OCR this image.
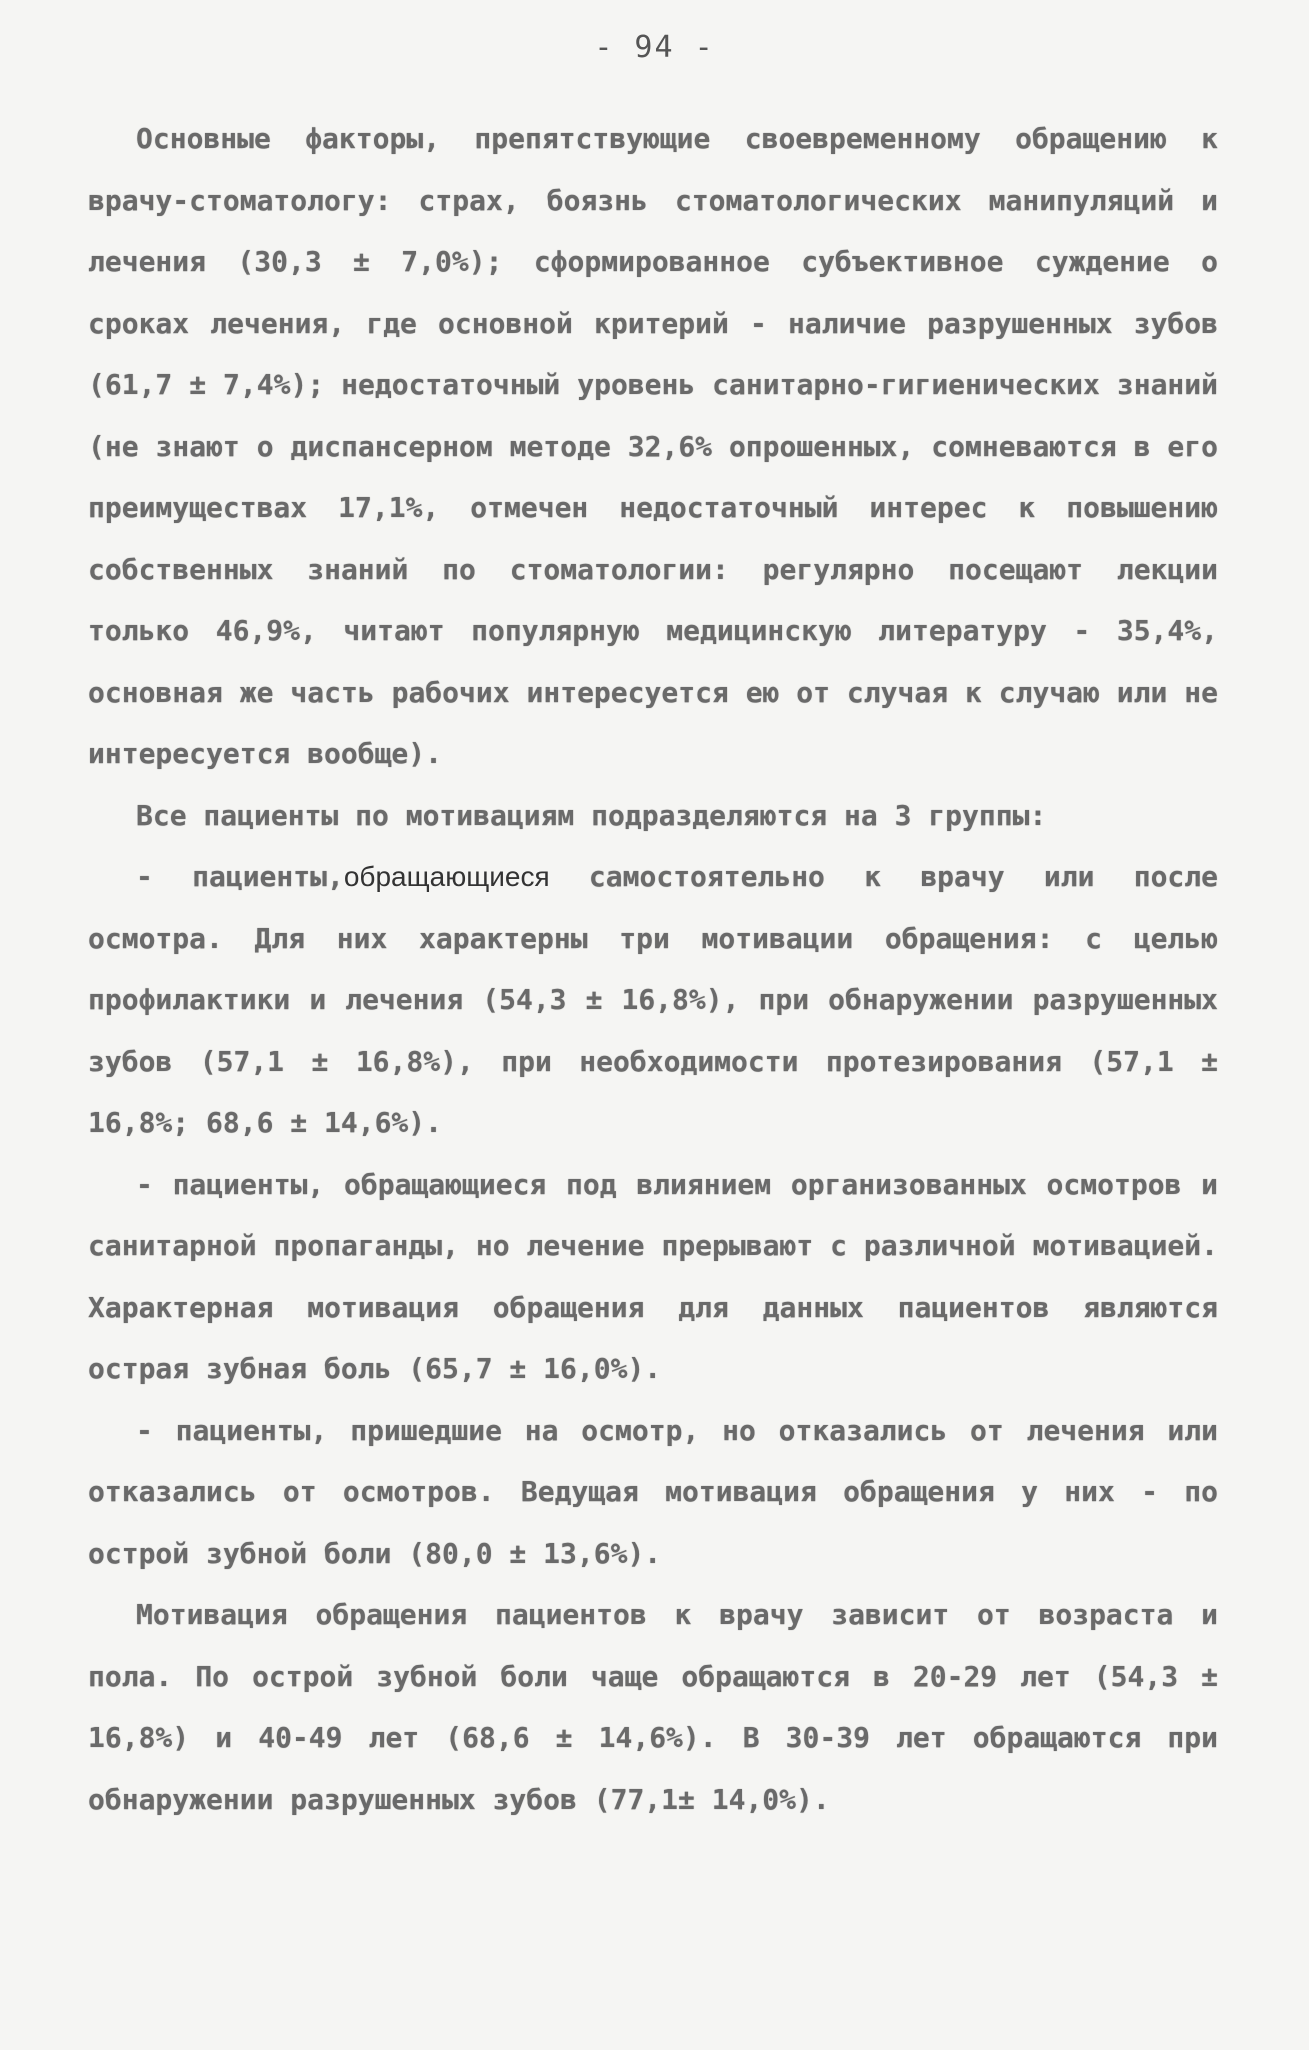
- 94 -

Основные факторы, препятствующие своевременному обращению к врачу-стоматологу: страх, боязнь стоматологических манипуляций и лечения (30,3 ± 7,0%); сформированное субъективное суждение о сроках лечения, где основной критерий - наличие разрушенных зубов (61,7 ± 7,4%); недостаточный уровень санитарно-гигиенических знаний (не знают о диспансерном методе 32,6% опрошенных, сомневаются в его преимуществах 17,1%, отмечен недостаточный интерес к повышению собственных знаний по стоматологии: регулярно посещают лекции только 46,9%, читают популярную медицинскую литературу - 35,4%, основная же часть рабочих интересуется ею от случая к случаю или не интересуется вообще).

Все пациенты по мотивациям подразделяются на 3 группы:

- пациенты,обращающиеся самостоятельно к врачу или после осмотра. Для них характерны три мотивации обращения: с целью профилактики и лечения (54,3 ± 16,8%), при обнаружении разрушенных зубов (57,1 ± 16,8%), при необходимости протезирования (57,1 ± 16,8%; 68,6 ± 14,6%).

- пациенты, обращающиеся под влиянием организованных осмотров и санитарной пропаганды, но лечение прерывают с различной мотивацией. Характерная мотивация обращения для данных пациентов являются острая зубная боль (65,7 ± 16,0%).

- пациенты, пришедшие на осмотр, но отказались от лечения или отказались от осмотров. Ведущая мотивация обращения у них - по острой зубной боли (80,0 ± 13,6%).

Мотивация обращения пациентов к врачу зависит от возраста и пола. По острой зубной боли чаще обращаются в 20-29 лет (54,3 ± 16,8%) и 40-49 лет (68,6 ± 14,6%). В 30-39 лет обращаются при обнаружении разрушенных зубов (77,1± 14,0%).
